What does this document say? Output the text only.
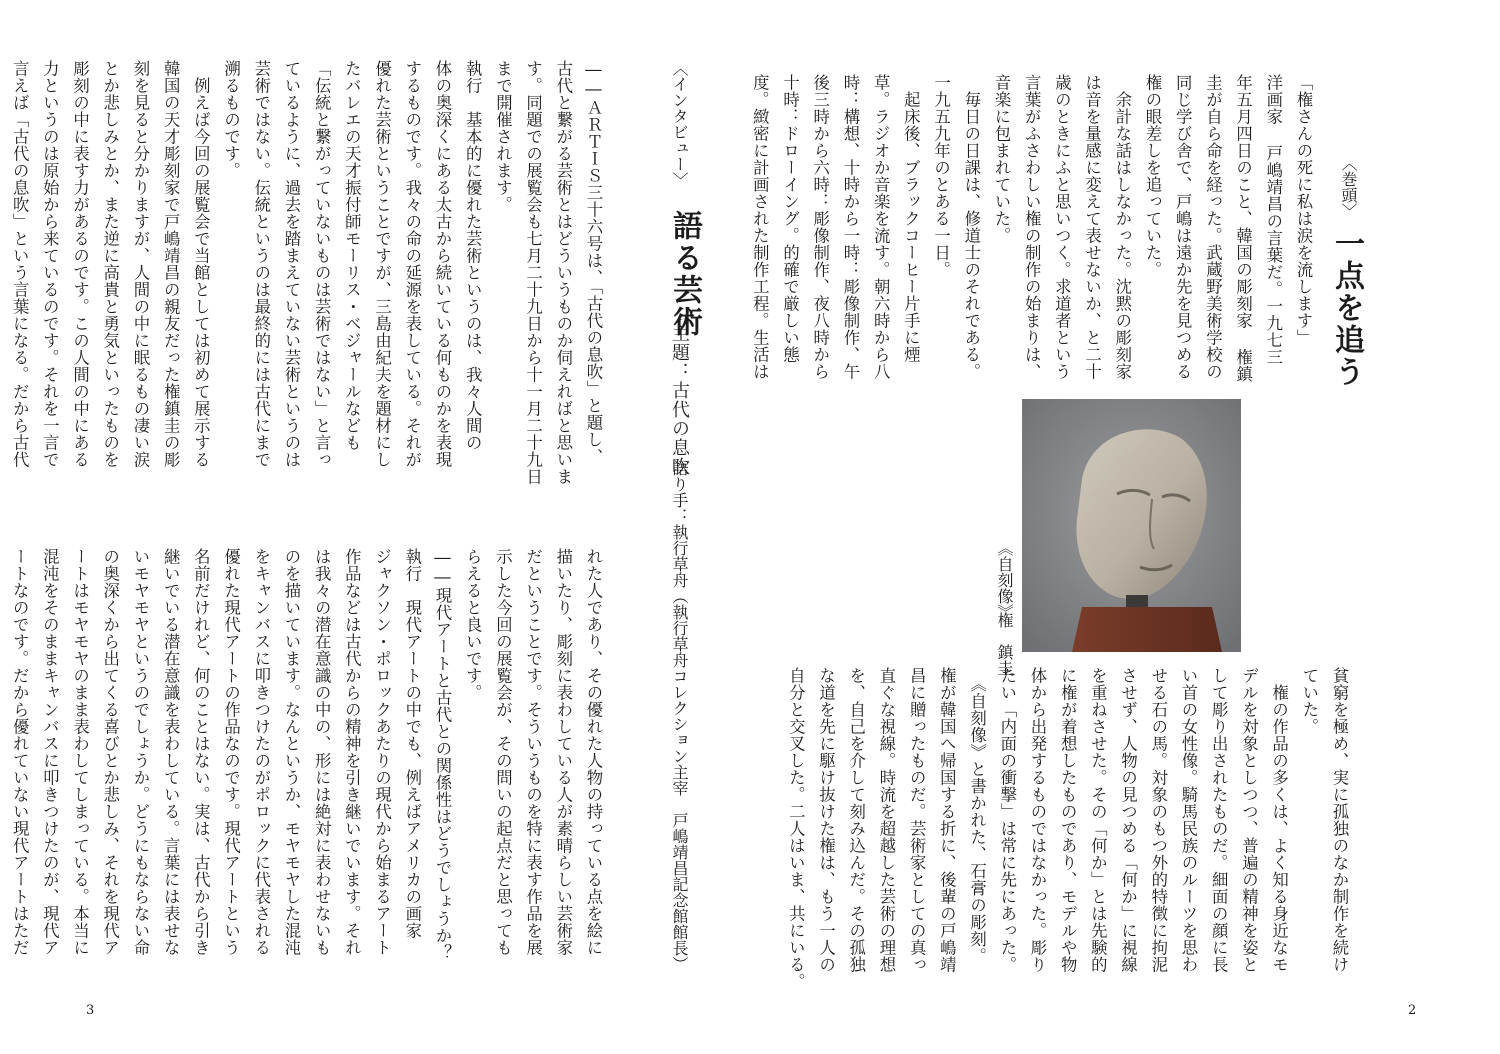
〈巻頭〉
一点を追う
「権さんの死に私は涙を流します」
洋画家 戸嶋靖昌の言葉だ。一九七三
年五月四日のこと、韓国の彫刻家 権鎮
圭が自ら命を経った。武蔵野美術学校の
同じ学び舎で、戸嶋は遠か先を見つめる
権の眼差しを追っていた。
　余計な話はしなかった。沈黙の彫刻家
は音を量感に変えて表せないか、と二十
歳のときにふと思いつく。求道者という
言葉がふさわしい権の制作の始まりは、
音楽に包まれていた。
　毎日の日課は、修道士のそれである。
一九五九年のとある一日。
　起床後、ブラックコーヒー片手に煙
草。ラジオか音楽を流す。朝六時から八
時：構想、十時から一時：彫像制作、午
後三時から六時：彫像制作、夜八時から
十時：ドローイング。的確で厳しい態
度。緻密に計画された制作工程。生活は
《自刻像》
権　鎮圭
貧窮を極め、実に孤独のなか制作を続け
ていた。
　権の作品の多くは、よく知る身近なモ
デルを対象としつつ、普遍の精神を姿と
して彫り出されたものだ。細面の顔に長
い首の女性像。騎馬民族のルーツを思わ
せる石の馬。対象のもつ外的特徴に拘泥
させず、人物の見つめる「何か」に視線
を重ねさせた。その「何か」とは先験的
に権が着想したものであり、モデルや物
体から出発するものではなかった。彫り
たい「内面の衝撃」は常に先にあった。
　《自刻像》と書かれた、石膏の彫刻。
権が韓国へ帰国する折に、後輩の戸嶋靖
昌に贈ったものだ。芸術家としての真っ
直ぐな視線。時流を超越した芸術の理想
を、自己を介して刻み込んだ。その孤独
な道を先に駆け抜けた権は、もう一人の
自分と交叉した。二人はいま、共にいる。
2
〈インタビュー〉
語る芸術
主題：古代の息吹
語り手：執行草舟（執行草舟コレクション主宰　戸嶋靖昌記念館館長）
――ＡＲＴＩＳ三十六号は、「古代の息吹」と題し、
古代と繋がる芸術とはどういうものか伺えればと思いま
す。同題での展覧会も七月二十九日から十一月二十九日
まで開催されます。
執行　基本的に優れた芸術というのは、我々人間の
体の奥深くにある太古から続いている何ものかを表現
するものです。我々の命の延源を表している。それが
優れた芸術ということですが、三島由紀夫を題材にし
たバレエの天才振付師モーリス・ベジャールなども
「伝統と繋がっていないものは芸術ではない」と言っ
ているように、過去を踏まえていない芸術というのは
芸術ではない。伝統というのは最終的には古代にまで
溯るものです。
　例えば今回の展覧会で当館としては初めて展示する
韓国の天才彫刻家で戸嶋靖昌の親友だった権鎮圭の彫
刻を見ると分かりますが、人間の中に眠るもの凄い涙
とか悲しみとか、また逆に高貴と勇気といったものを
彫刻の中に表す力があるのです。この人間の中にある
力というのは原始から来ているのです。それを一言で
言えば「古代の息吹」という言葉になる。だから古代

れた人であり、その優れた人物の持っている点を絵に
描いたり、彫刻に表わしている人が素晴らしい芸術家
だということです。そういうものを特に表す作品を展
示した今回の展覧会が、その問いの起点だと思っても
らえると良いです。
――現代アートと古代との関係性はどうでしょうか？
執行　現代アートの中でも、例えばアメリカの画家
ジャクソン・ポロックあたりの現代から始まるアート
作品などは古代からの精神を引き継いでいます。それ
は我々の潜在意識の中の、形には絶対に表わせないも
のを描いています。なんというか、モヤモヤした混沌
をキャンバスに叩きつけたのがポロックに代表される
優れた現代アートの作品なのです。現代アートという
名前だけれど、何のことはない。実は、古代から引き
継いでいる潜在意識を表わしている。言葉には表せな
いモヤモヤというのでしょうか。どうにもならない命
の奥深くから出てくる喜びとか悲しみ、それを現代ア
ートはモヤモヤのまま表わしてしまっている。本当に
混沌をそのままキャンバスに叩きつけたのが、現代ア
ートなのです。だから優れていない現代アートはただ

3
